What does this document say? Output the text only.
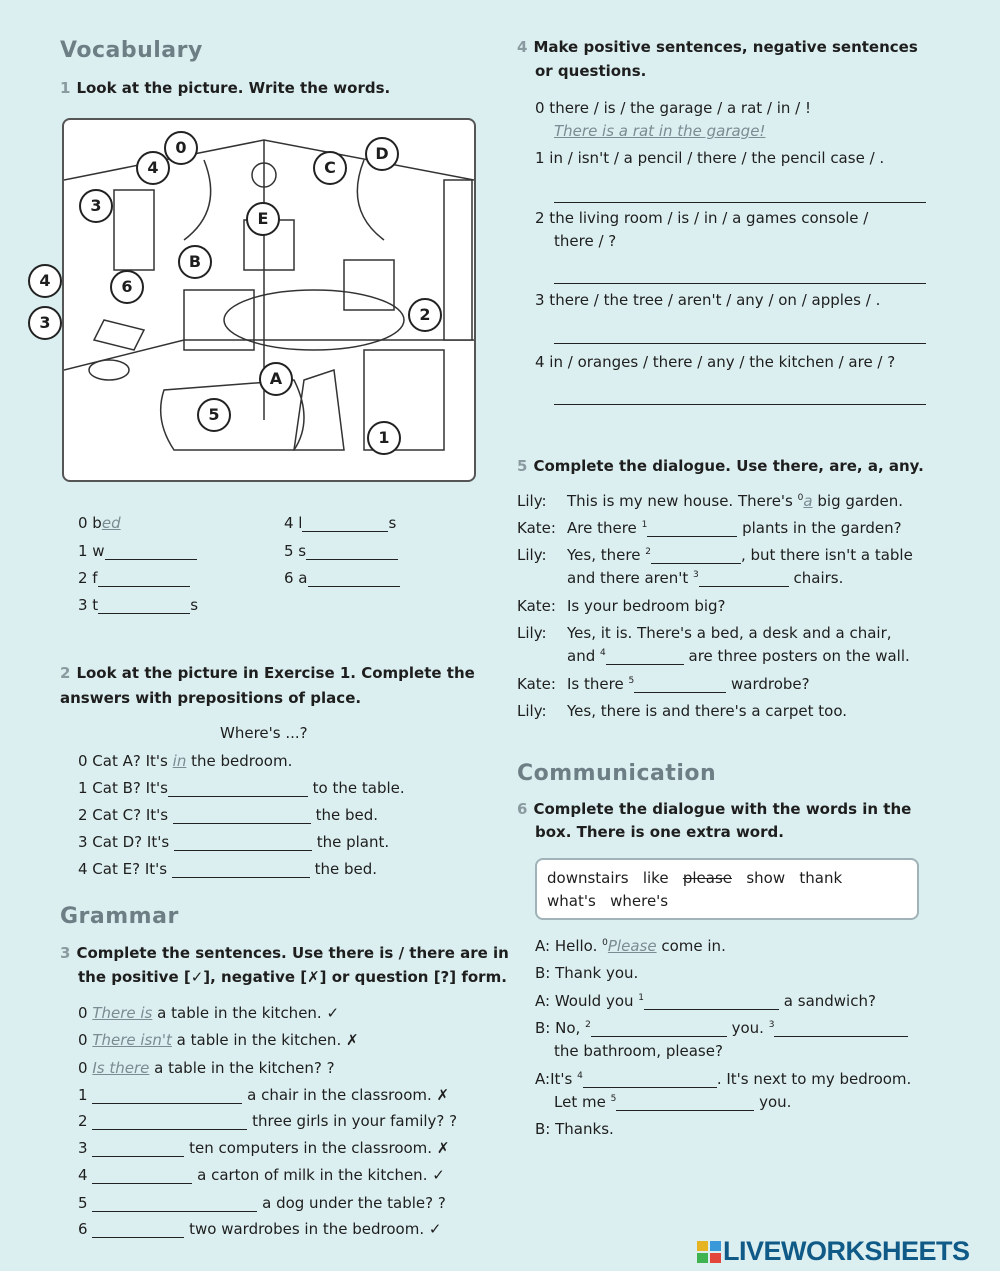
Vocabulary
1 Look at the picture. Write the words.
0
4	C
D
3
E
B
6
4
3	2
A
5
1
0 bed
1 w
2 f
3 t	s
4 l	s
5 s
6 a
2 Look at the picture in Exercise 1. Complete the answers with prepositions of place.
Where's ...?
0 Cat A? It's in the bedroom.
1 Cat B? It's	to the table.
2 Cat C? It's	the bed.
3 Cat D? It's	the plant.
4 Cat E? It's	the bed.
Grammar
3 Complete the sentences. Use there is / there are in
the positive [✓], negative [✗] or question [?] form.
0 There is a table in the kitchen. ✓
0 There isn't a table in the kitchen. ✗
0 Is there a table in the kitchen? ?
1	a chair in the classroom. ✗
2	three girls in your family? ?
3	ten computers in the classroom. ✗
4	a carton of milk in the kitchen. ✓
5	a dog under the table? ?
6	two wardrobes in the bedroom. ✓
4 Make positive sentences, negative sentences
or questions.
0 there / is / the garage / a rat / in / !
There is a rat in the garage!
1 in / isn't / a pencil / there / the pencil case / .
2 the living room / is / in / a games console /
there / ?
3 there / the tree / aren't / any / on / apples / .
4 in / oranges / there / any / the kitchen / are / ?
5 Complete the dialogue. Use there, are, a, any.
Lily: This is my new house. There's $^0$a big garden.
Kate: Are there $^1$	plants in the garden?
Lily: Yes, there $^2$	, but there isn't a table
and there aren't $^3$	chairs.
Kate: Is your bedroom big?
Lily: Yes, it is. There's a bed, a desk and a chair,
and $^4$	are three posters on the wall.
Kate: Is there $^5$	wardrobe?
Lily: Yes, there is and there's a carpet too.
Communication
6 Complete the dialogue with the words in the
box. There is one extra word.
downstairs like please show thank
what's where's
A: Hello. $^0$Please come in.
B: Thank you.
A: Would you $^1$	a sandwich?
B: No, $^2$	you. $^3$
the bathroom, please?
A:It's $^4$	. It's next to my bedroom.
Let me $^5$	you.
B: Thanks.
LIVEWORKSHEETS
